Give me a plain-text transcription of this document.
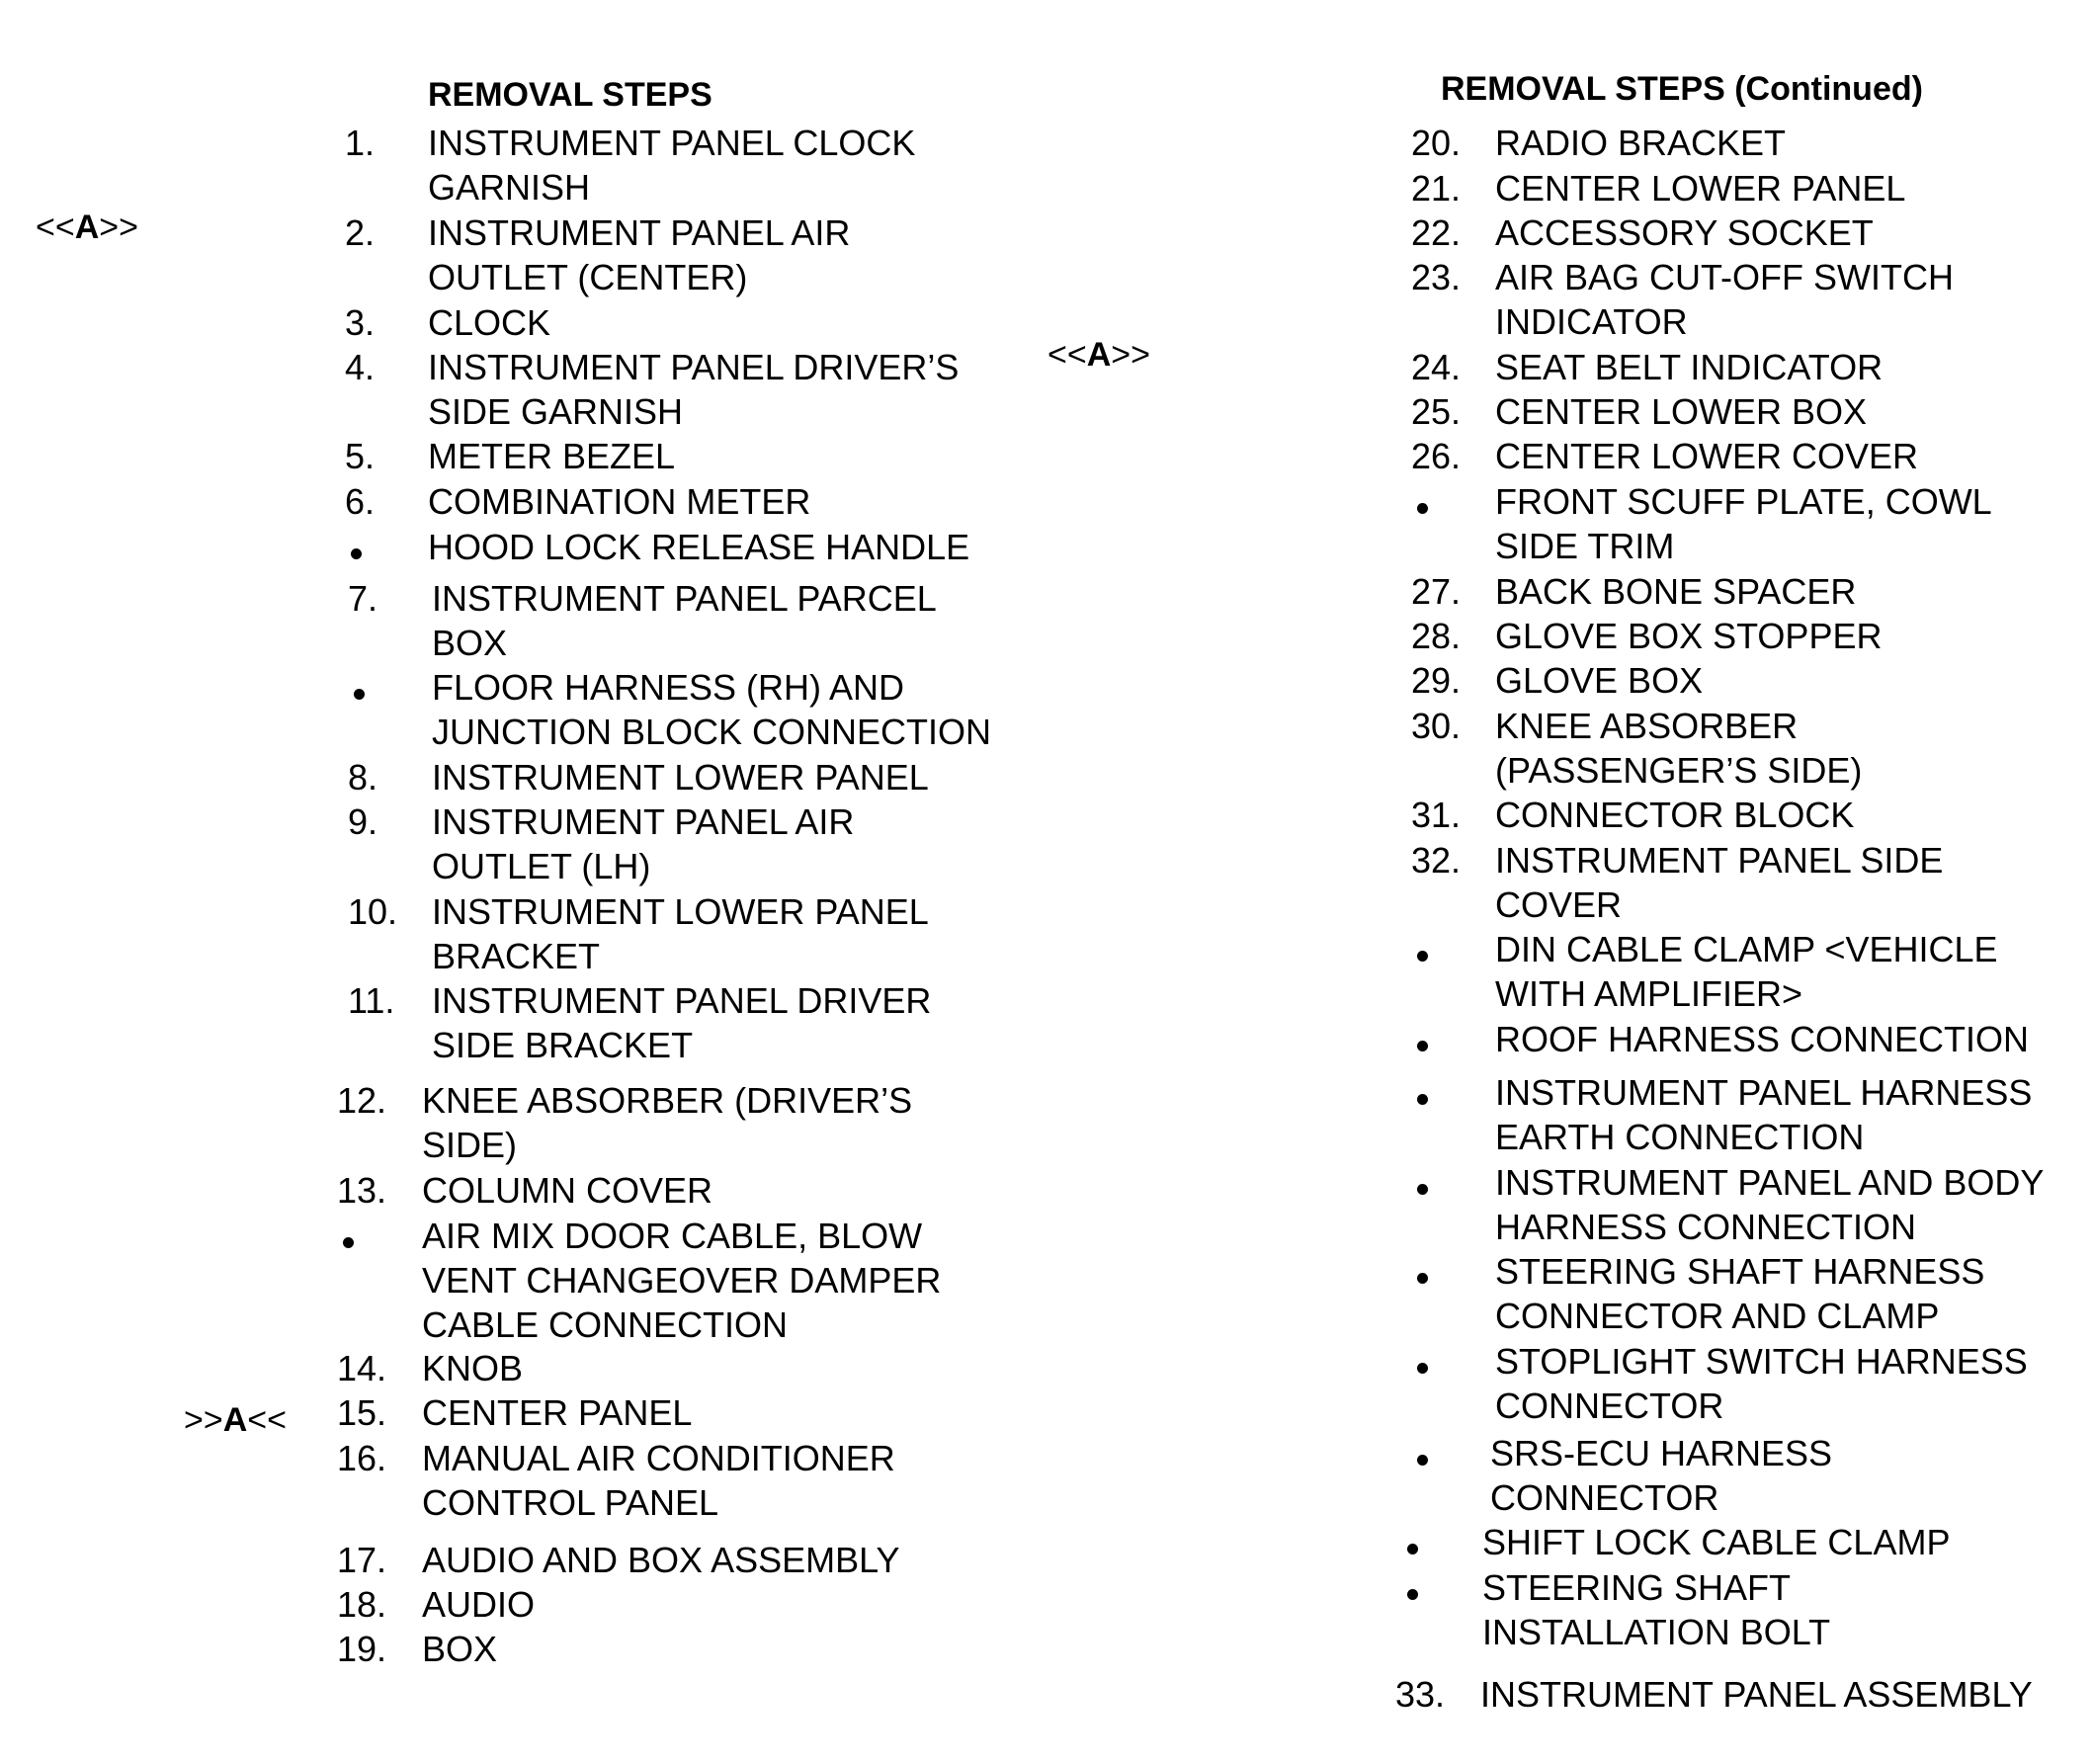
REMOVAL STEPS
1. INSTRUMENT PANEL CLOCK
GARNISH
2. INSTRUMENT PANEL AIR
OUTLET (CENTER)
3. CLOCK
4. INSTRUMENT PANEL DRIVER’S
SIDE GARNISH
5. METER BEZEL
6. COMBINATION METER
HOOD LOCK RELEASE HANDLE
7. INSTRUMENT PANEL PARCEL
BOX
FLOOR HARNESS (RH) AND
JUNCTION BLOCK CONNECTION
8. INSTRUMENT LOWER PANEL
9. INSTRUMENT PANEL AIR
OUTLET (LH)
10. INSTRUMENT LOWER PANEL
BRACKET
11. INSTRUMENT PANEL DRIVER
SIDE BRACKET
12. KNEE ABSORBER (DRIVER’S
SIDE)
13. COLUMN COVER
AIR MIX DOOR CABLE, BLOW
VENT CHANGEOVER DAMPER
CABLE CONNECTION
14. KNOB
15. CENTER PANEL
16. MANUAL AIR CONDITIONER
CONTROL PANEL
17. AUDIO AND BOX ASSEMBLY
18. AUDIO
19. BOX
REMOVAL STEPS (Continued)
20. RADIO BRACKET
21. CENTER LOWER PANEL
22. ACCESSORY SOCKET
23. AIR BAG CUT-OFF SWITCH
INDICATOR
24. SEAT BELT INDICATOR
25. CENTER LOWER BOX
26. CENTER LOWER COVER
FRONT SCUFF PLATE, COWL
SIDE TRIM
27. BACK BONE SPACER
28. GLOVE BOX STOPPER
29. GLOVE BOX
30. KNEE ABSORBER
(PASSENGER’S SIDE)
31. CONNECTOR BLOCK
32. INSTRUMENT PANEL SIDE
COVER
DIN CABLE CLAMP <VEHICLE
WITH AMPLIFIER>
ROOF HARNESS CONNECTION
INSTRUMENT PANEL HARNESS
EARTH CONNECTION
INSTRUMENT PANEL AND BODY
HARNESS CONNECTION
STEERING SHAFT HARNESS
CONNECTOR AND CLAMP
STOPLIGHT SWITCH HARNESS
CONNECTOR
SRS-ECU HARNESS
CONNECTOR
SHIFT LOCK CABLE CLAMP
STEERING SHAFT
INSTALLATION BOLT
33. INSTRUMENT PANEL ASSEMBLY
<<A>>
<<A>>
>>A<<
